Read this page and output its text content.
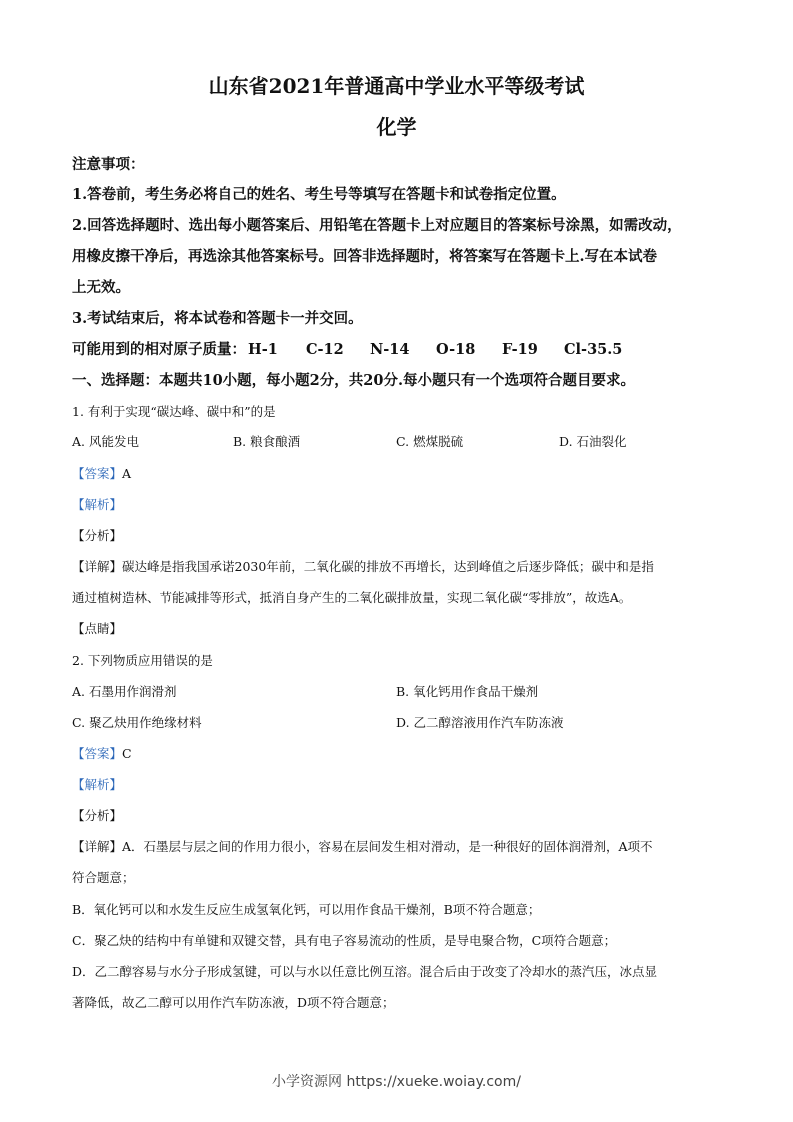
山东省2021年普通高中学业水平等级考试
化学
注意事项：
1.答卷前，考生务必将自己的姓名、考生号等填写在答题卡和试卷指定位置。
2.回答选择题时、选出每小题答案后、用铅笔在答题卡上对应题目的答案标号涂黑，如需改动，
用橡皮擦干净后，再选涂其他答案标号。回答非选择题时，将答案写在答题卡上.写在本试卷
上无效。
3.考试结束后，将本试卷和答题卡一并交回。
可能用到的相对原子质量： H-1 C-12 N-14 O-18 F-19 Cl-35.5
一、选择题：本题共10小题，每小题2分，共20分.每小题只有一个选项符合题目要求。
1. 有利于实现“碳达峰、碳中和”的是
A. 风能发电	B. 粮食酿酒	C. 燃煤脱硫	D. 石油裂化
【答案】A
【解析】
【分析】
【详解】碳达峰是指我国承诺2030年前，二氧化碳的排放不再增长，达到峰值之后逐步降低；碳中和是指
通过植树造林、节能减排等形式，抵消自身产生的二氧化碳排放量，实现二氧化碳“零排放”，故选A。
【点睛】
2. 下列物质应用错误的是
A. 石墨用作润滑剂	B. 氧化钙用作食品干燥剂
C. 聚乙炔用作绝缘材料	D. 乙二醇溶液用作汽车防冻液
【答案】C
【解析】
【分析】
【详解】A．石墨层与层之间的作用力很小，容易在层间发生相对滑动，是一种很好的固体润滑剂，A项不
符合题意；
B．氧化钙可以和水发生反应生成氢氧化钙，可以用作食品干燥剂，B项不符合题意；
C．聚乙炔的结构中有单键和双键交替，具有电子容易流动的性质，是导电聚合物，C项符合题意；
D．乙二醇容易与水分子形成氢键，可以与水以任意比例互溶。混合后由于改变了冷却水的蒸汽压，冰点显
著降低，故乙二醇可以用作汽车防冻液，D项不符合题意；
小学资源网 https://xueke.woiay.com/
